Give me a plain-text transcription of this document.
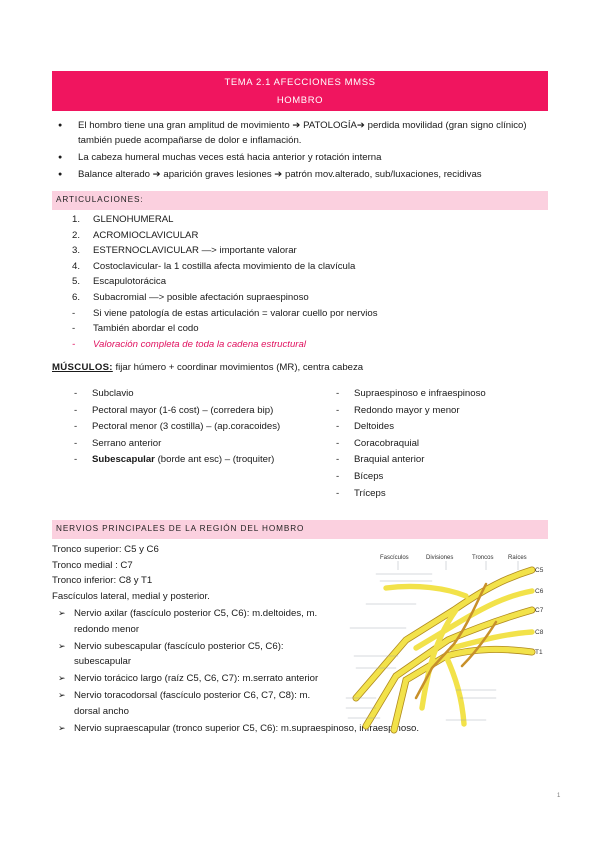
TEMA 2.1 AFECCIONES MMSS
HOMBRO
● El hombro tiene una gran amplitud de movimiento ➔ PATOLOGÍA➔ perdida movilidad (gran signo clínico) también puede acompañarse de dolor e inflamación.
● La cabeza humeral muchas veces está hacia anterior y rotación interna
● Balance alterado ➔ aparición graves lesiones ➔ patrón mov.alterado, sub/luxaciones, recidivas
ARTICULACIONES:
1. GLENOHUMERAL
2. ACROMIOCLAVICULAR
3. ESTERNOCLAVICULAR —> importante valorar
4. Costoclavicular- la 1 costilla afecta movimiento de la clavícula
5. Escapulotorácica
6. Subacromial —> posible afectación supraespinoso
- Si viene patología de estas articulación = valorar cuello por nervios
- También abordar el codo
- Valoración completa de toda la cadena estructural
MÚSCULOS: fijar húmero + coordinar movimientos (MR), centra cabeza
- Subclavio
- Pectoral mayor (1-6 cost) – (corredera bip)
- Pectoral menor (3 costilla) – (ap.coracoides)
- Serrano anterior
- Subescapular (borde ant esc) – (troquiter)
- Supraespinoso e infraespinoso
- Redondo mayor y menor
- Deltoides
- Coracobraquial
- Braquial anterior
- Bíceps
- Tríceps
NERVIOS PRINCIPALES DE LA REGIÓN DEL HOMBRO
Tronco superior: C5 y C6
Tronco medial : C7
Tronco inferior: C8 y T1
Fascículos lateral, medial y posterior.
➢ Nervio axilar (fascículo posterior C5, C6): m.deltoides, m. redondo menor
➢ Nervio subescapular (fascículo posterior C5, C6): subescapular
➢ Nervio torácico largo (raíz C5, C6, C7): m.serrato anterior
➢ Nervio toracodorsal (fascículo posterior C6, C7, C8): m. dorsal ancho
➢ Nervio supraescapular (tronco superior C5, C6): m.supraespinoso, infraespinoso.
Fascículos	Divisiones	Troncos Raíces
C5
C6
C7
C8
T1
1
